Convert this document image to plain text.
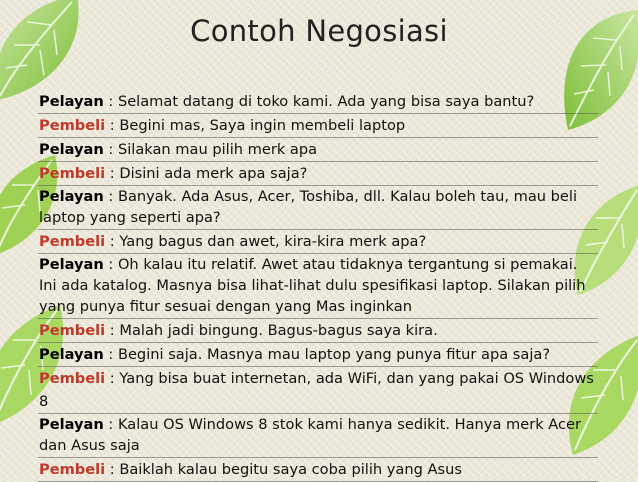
Contoh Negosiasi
Pelayan : Selamat datang di toko kami. Ada yang bisa saya bantu?
Pembeli : Begini mas, Saya ingin membeli laptop
Pelayan : Silakan mau pilih merk apa
Pembeli : Disini ada merk apa saja?
Pelayan : Banyak. Ada Asus, Acer, Toshiba, dll. Kalau boleh tau, mau beli laptop yang seperti apa?
Pembeli : Yang bagus dan awet, kira-kira merk apa?
Pelayan : Oh kalau itu relatif. Awet atau tidaknya tergantung si pemakai. Ini ada katalog. Masnya bisa lihat-lihat dulu spesifikasi laptop. Silakan pilih yang punya fitur sesuai dengan yang Mas inginkan
Pembeli : Malah jadi bingung. Bagus-bagus saya kira.
Pelayan : Begini saja. Masnya mau laptop yang punya fitur apa saja?
Pembeli : Yang bisa buat internetan, ada WiFi, dan yang pakai OS Windows 8
Pelayan : Kalau OS Windows 8 stok kami hanya sedikit. Hanya merk Acer dan Asus saja
Pembeli : Baiklah kalau begitu saya coba pilih yang Asus
